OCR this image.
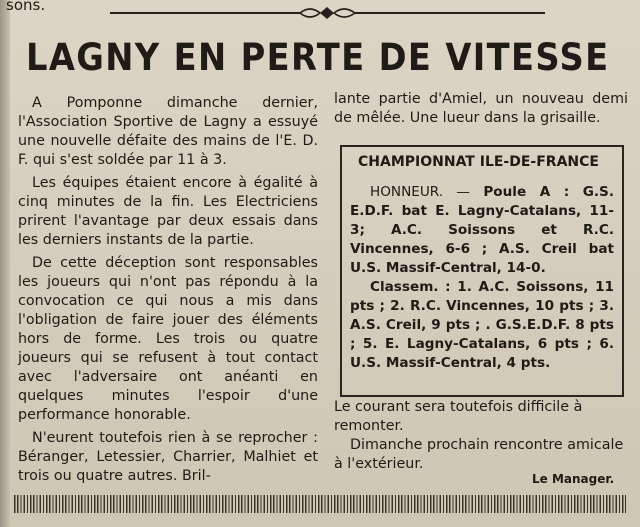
sons.
LAGNY EN PERTE DE VITESSE

A Pomponne dimanche dernier, l'Association Sportive de Lagny a essuyé une nouvelle défaite des mains de l'E. D. F. qui s'est soldée par 11 à 3.

Les équipes étaient encore à égalité à cinq minutes de la fin. Les Electriciens prirent l'avantage par deux essais dans les derniers instants de la partie.

De cette déception sont responsables les joueurs qui n'ont pas répondu à la convocation ce qui nous a mis dans l'obligation de faire jouer des éléments hors de forme. Les trois ou quatre joueurs qui se refusent à tout contact avec l'adversaire ont anéanti en quelques minutes l'espoir d'une performance honorable.

N'eurent toutefois rien à se reprocher : Béranger, Letessier, Charrier, Malhiet et trois ou quatre autres. Bril-

lante partie d'Amiel, un nouveau demi de mêlée. Une lueur dans la grisaille.

CHAMPIONNAT ILE-DE-FRANCE

HONNEUR. — Poule A : G.S. E.D.F. bat E. Lagny-Catalans, 11-3; A.C. Soissons et R.C. Vincennes, 6-6 ; A.S. Creil bat U.S. Massif-Central, 14-0.

Classem. : 1. A.C. Soissons, 11 pts ; 2. R.C. Vincennes, 10 pts ; 3. A.S. Creil, 9 pts ; . G.S.E.D.F. 8 pts ; 5. E. Lagny-Catalans, 6 pts ; 6. U.S. Massif-Central, 4 pts.

Le courant sera toutefois difficile à remonter.

Dimanche prochain rencontre amicale à l'extérieur.

Le Manager.
